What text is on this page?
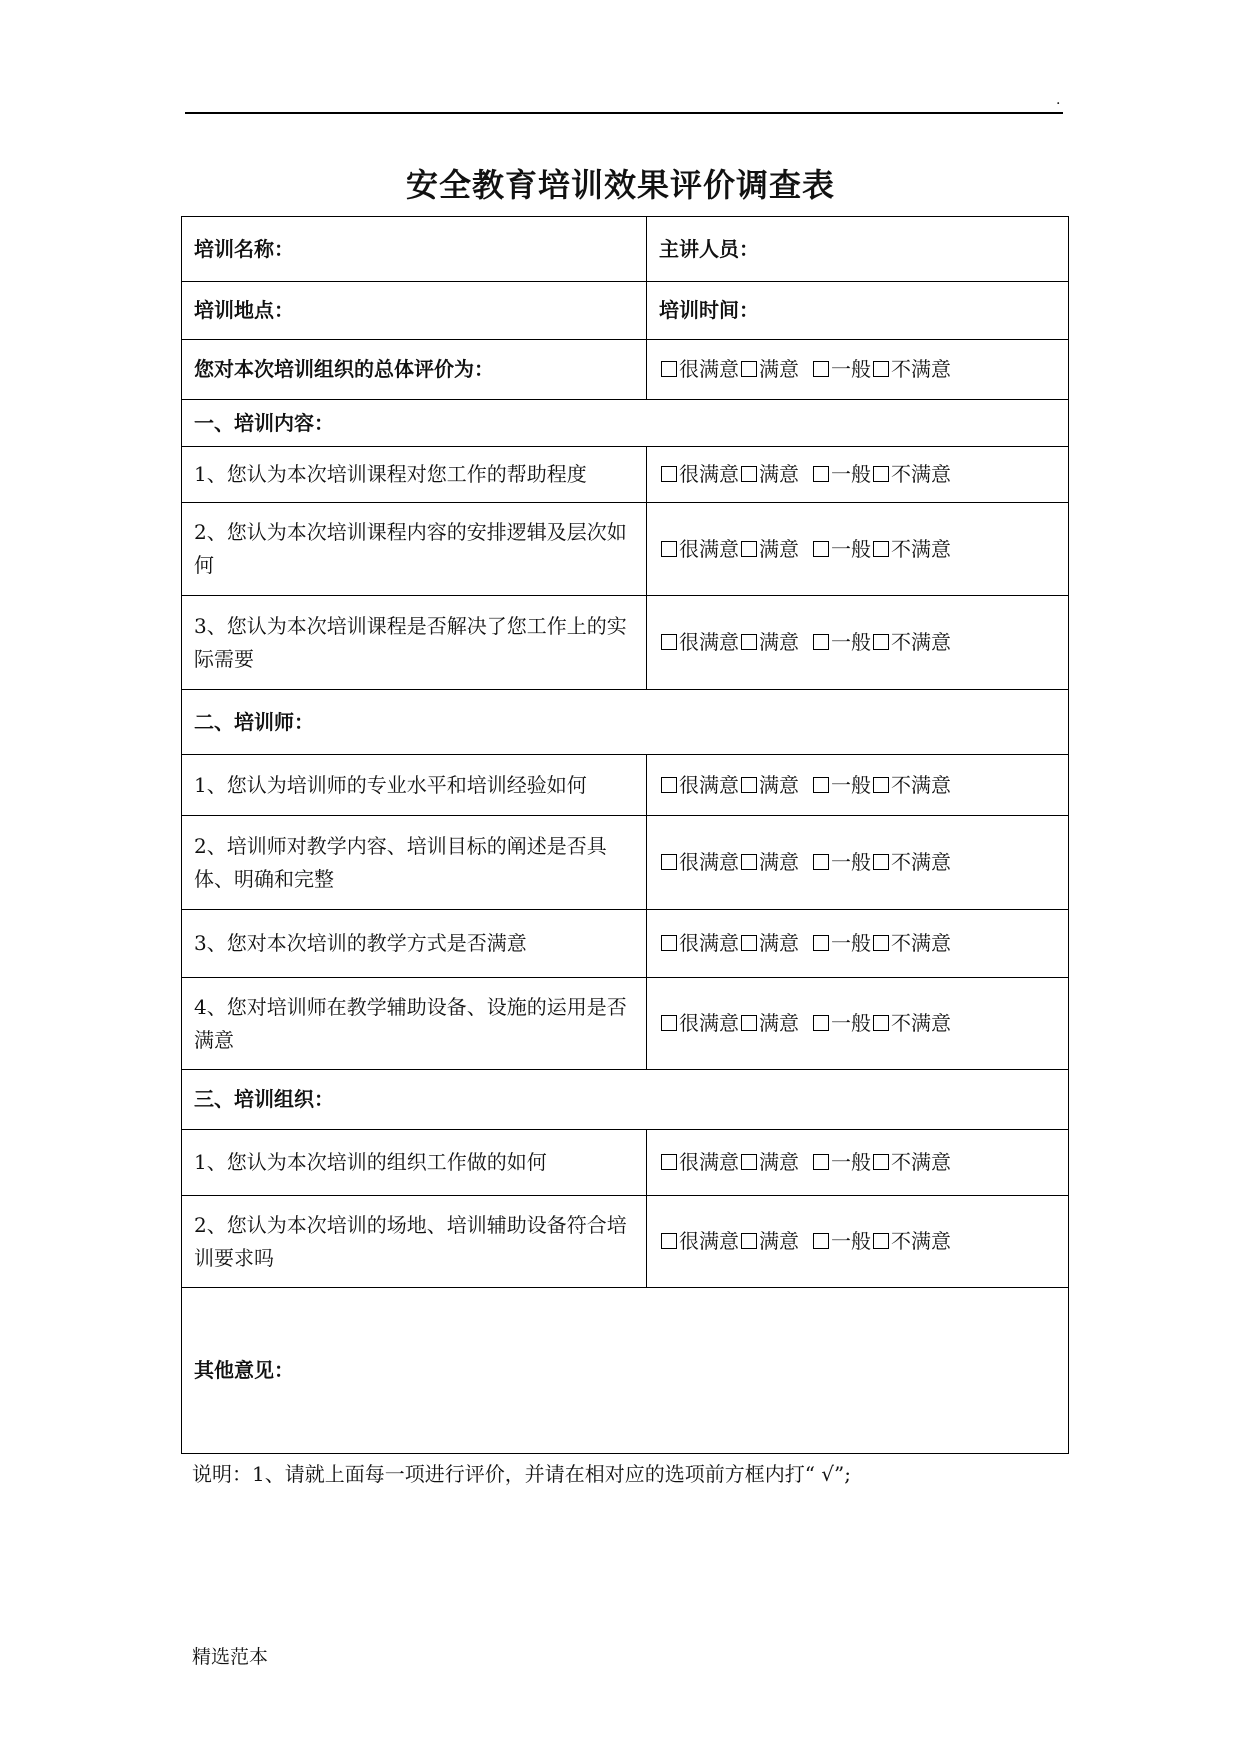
.
安全教育培训效果评价调查表
培训名称：	主讲人员：
培训地点：	培训时间：
您对本次培训组织的总体评价为：	很满意 满意 一般 不满意
一、培训内容：	
1、您认为本次培训课程对您工作的帮助程度	很满意 满意 一般 不满意
2、您认为本次培训课程内容的安排逻辑及层次如何	很满意 满意 一般 不满意
3、您认为本次培训课程是否解决了您工作上的实际需要	很满意 满意 一般 不满意
二、培训师：	
1、您认为培训师的专业水平和培训经验如何	很满意 满意 一般 不满意
2、培训师对教学内容、培训目标的阐述是否具体、明确和完整	很满意 满意 一般 不满意
3、您对本次培训的教学方式是否满意	很满意 满意 一般 不满意
4、您对培训师在教学辅助设备、设施的运用是否满意	很满意 满意 一般 不满意
三、培训组织：	
1、您认为本次培训的组织工作做的如何	很满意 满意 一般 不满意
2、您认为本次培训的场地、培训辅助设备符合培训要求吗	很满意 满意 一般 不满意
其他意见：	
说明：1、请就上面每一项进行评价，并请在相对应的选项前方框内打“ √”;
精选范本
